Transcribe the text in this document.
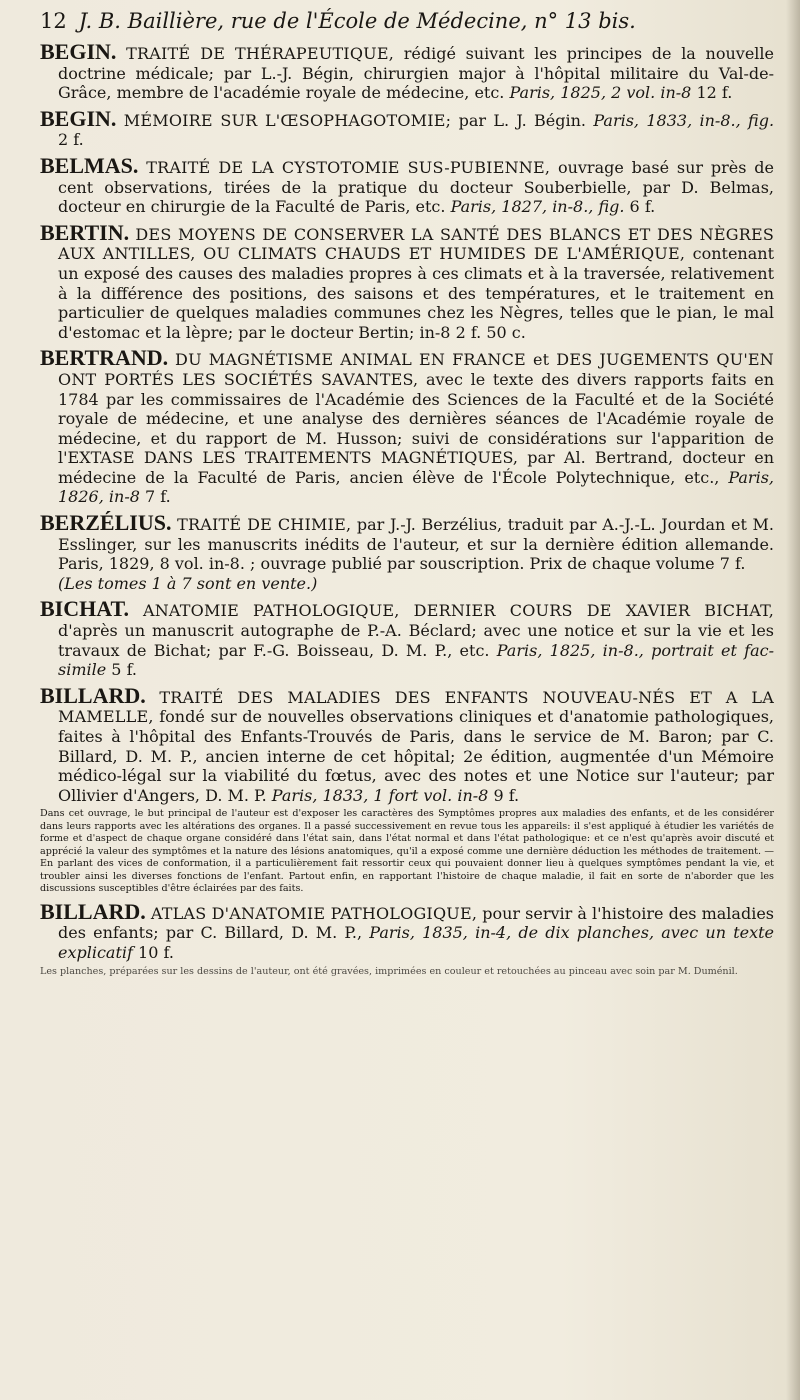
12 J. B. Baillière, rue de l'École de Médecine, n° 13 bis.
BEGIN. TRAITÉ DE THÉRAPEUTIQUE, rédigé suivant les principes de la nouvelle doctrine médicale; par L.-J. Bégin, chirurgien major à l'hôpital militaire du Val-de-Grâce, membre de l'académie royale de médecine, etc. Paris, 1825, 2 vol. in-8 12 f.
BEGIN. MÉMOIRE SUR L'ŒSOPHAGOTOMIE; par L. J. Bégin. Paris, 1833, in-8., fig. 2 f.
BELMAS. TRAITÉ DE LA CYSTOTOMIE SUS-PUBIENNE, ouvrage basé sur près de cent observations, tirées de la pratique du docteur Souberbielle, par D. Belmas, docteur en chirurgie de la Faculté de Paris, etc. Paris, 1827, in-8., fig. 6 f.
BERTIN. DES MOYENS DE CONSERVER LA SANTÉ DES BLANCS ET DES NÈGRES AUX ANTILLES, OU CLIMATS CHAUDS ET HUMIDES DE L'AMÉRIQUE, contenant un exposé des causes des maladies propres à ces climats et à la traversée, relativement à la différence des positions, des saisons et des températures, et le traitement en particulier de quelques maladies communes chez les Nègres, telles que le pian, le mal d'estomac et la lèpre; par le docteur Bertin; in-8 2 f. 50 c.
BERTRAND. DU MAGNÉTISME ANIMAL EN FRANCE et DES JUGEMENTS QU'EN ONT PORTÉS LES SOCIÉTÉS SAVANTES, avec le texte des divers rapports faits en 1784 par les commissaires de l'Académie des Sciences de la Faculté et de la Société royale de médecine, et une analyse des dernières séances de l'Académie royale de médecine, et du rapport de M. Husson; suivi de considérations sur l'apparition de l'EXTASE DANS LES TRAITEMENTS MAGNÉTIQUES, par Al. Bertrand, docteur en médecine de la Faculté de Paris, ancien élève de l'École Polytechnique, etc., Paris, 1826, in-8 7 f.
BERZÉLIUS. TRAITÉ DE CHIMIE, par J.-J. Berzélius, traduit par A.-J.-L. Jourdan et M. Esslinger, sur les manuscrits inédits de l'auteur, et sur la dernière édition allemande. Paris, 1829, 8 vol. in-8. ; ouvrage publié par souscription. Prix de chaque volume 7 f.
(Les tomes 1 à 7 sont en vente.)
BICHAT. ANATOMIE PATHOLOGIQUE, DERNIER COURS DE XAVIER BICHAT, d'après un manuscrit autographe de P.-A. Béclard; avec une notice et sur la vie et les travaux de Bichat; par F.-G. Boisseau, D. M. P., etc. Paris, 1825, in-8., portrait et fac-simile 5 f.
BILLARD. TRAITÉ DES MALADIES DES ENFANTS NOUVEAU-NÉS ET A LA MAMELLE, fondé sur de nouvelles observations cliniques et d'anatomie pathologiques, faites à l'hôpital des Enfants-Trouvés de Paris, dans le service de M. Baron; par C. Billard, D. M. P., ancien interne de cet hôpital; 2e édition, augmentée d'un Mémoire médico-légal sur la viabilité du fœtus, avec des notes et une Notice sur l'auteur; par Ollivier d'Angers, D. M. P. Paris, 1833, 1 fort vol. in-8 9 f.
Dans cet ouvrage, le but principal de l'auteur est d'exposer les caractères des Symptômes propres aux maladies des enfants, et de les considérer dans leurs rapports avec les altérations des organes. Il a passé successivement en revue tous les appareils: il s'est appliqué à étudier les variétés de forme et d'aspect de chaque organe considéré dans l'état sain, dans l'état normal et dans l'état pathologique: et ce n'est qu'après avoir discuté et apprécié la valeur des symptômes et la nature des lésions anatomiques, qu'il a exposé comme une dernière déduction les méthodes de traitement. — En parlant des vices de conformation, il a particulièrement fait ressortir ceux qui pouvaient donner lieu à quelques symptômes pendant la vie, et troubler ainsi les diverses fonctions de l'enfant. Partout enfin, en rapportant l'histoire de chaque maladie, il fait en sorte de n'aborder que les discussions susceptibles d'être éclairées par des faits.
BILLARD. ATLAS D'ANATOMIE PATHOLOGIQUE, pour servir à l'histoire des maladies des enfants; par C. Billard, D. M. P., Paris, 1835, in-4, de dix planches, avec un texte explicatif 10 f.
Les planches, préparées sur les dessins de l'auteur, ont été gravées, imprimées en couleur et retouchées au pinceau avec soin par M. Duménil.
